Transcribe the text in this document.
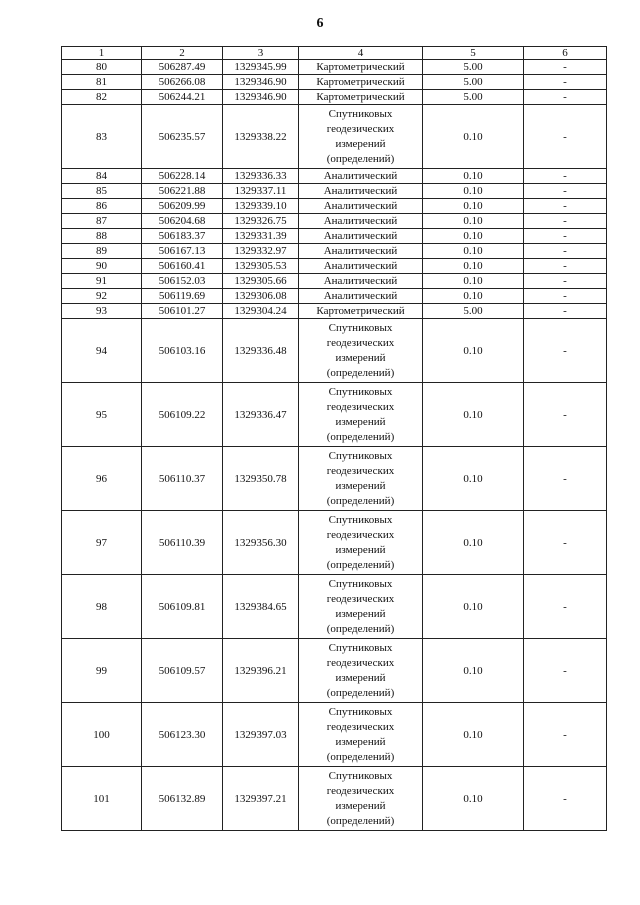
6
1	2	3	4	5	6
80	506287.49	1329345.99	Картометрический	5.00	-
81	506266.08	1329346.90	Картометрический	5.00	-
82	506244.21	1329346.90	Картометрический	5.00	-
83	506235.57	1329338.22	Спутниковых
геодезических
измерений
(определений)	0.10	-
84	506228.14	1329336.33	Аналитический	0.10	-
85	506221.88	1329337.11	Аналитический	0.10	-
86	506209.99	1329339.10	Аналитический	0.10	-
87	506204.68	1329326.75	Аналитический	0.10	-
88	506183.37	1329331.39	Аналитический	0.10	-
89	506167.13	1329332.97	Аналитический	0.10	-
90	506160.41	1329305.53	Аналитический	0.10	-
91	506152.03	1329305.66	Аналитический	0.10	-
92	506119.69	1329306.08	Аналитический	0.10	-
93	506101.27	1329304.24	Картометрический	5.00	-
94	506103.16	1329336.48	Спутниковых
геодезических
измерений
(определений)	0.10	-
95	506109.22	1329336.47	Спутниковых
геодезических
измерений
(определений)	0.10	-
96	506110.37	1329350.78	Спутниковых
геодезических
измерений
(определений)	0.10	-
97	506110.39	1329356.30	Спутниковых
геодезических
измерений
(определений)	0.10	-
98	506109.81	1329384.65	Спутниковых
геодезических
измерений
(определений)	0.10	-
99	506109.57	1329396.21	Спутниковых
геодезических
измерений
(определений)	0.10	-
100	506123.30	1329397.03	Спутниковых
геодезических
измерений
(определений)	0.10	-
101	506132.89	1329397.21	Спутниковых
геодезических
измерений
(определений)	0.10	-
